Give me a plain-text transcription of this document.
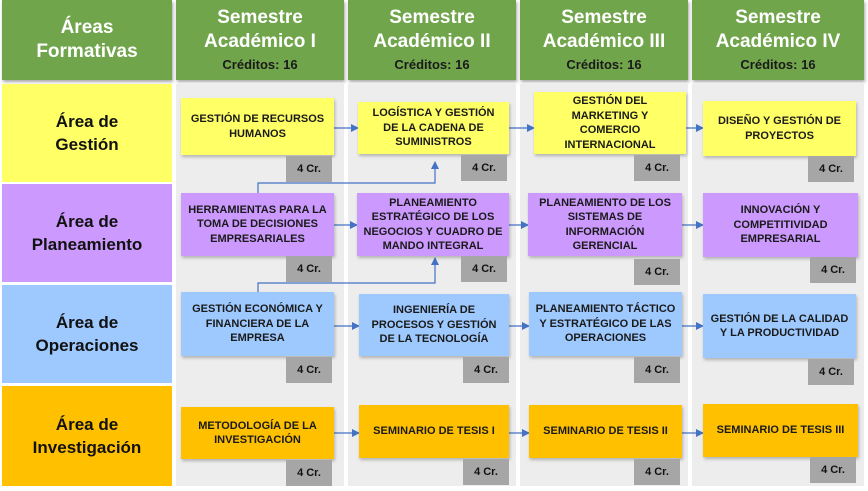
Áreas
Formativas
Semestre
Académico I
Créditos: 16
Semestre
Académico II
Créditos: 16
Semestre
Académico III
Créditos: 16
Semestre
Académico IV
Créditos: 16
Área de
Gestión
Área de
Planeamiento
Área de
Operaciones
Área de
Investigación
GESTIÓN DE RECURSOS HUMANOS
4 Cr.
LOGÍSTICA Y GESTIÓN DE LA CADENA DE SUMINISTROS
4 Cr.
GESTIÓN DEL MARKETING Y COMERCIO INTERNACIONAL
4 Cr.
DISEÑO Y GESTIÓN DE PROYECTOS
4 Cr.
HERRAMIENTAS PARA LA TOMA DE DECISIONES EMPRESARIALES
4 Cr.
PLANEAMIENTO ESTRATÉGICO DE LOS NEGOCIOS Y CUADRO DE MANDO INTEGRAL
4 Cr.
PLANEAMIENTO DE LOS SISTEMAS DE INFORMACIÓN GERENCIAL
4 Cr.
INNOVACIÓN Y COMPETITIVIDAD EMPRESARIAL
4 Cr.
GESTIÓN ECONÓMICA Y FINANCIERA DE LA EMPRESA
4 Cr.
INGENIERÍA DE PROCESOS Y GESTIÓN DE LA TECNOLOGÍA
4 Cr.
PLANEAMIENTO TÁCTICO Y ESTRATÉGICO DE LAS OPERACIONES
4 Cr.
GESTIÓN DE LA CALIDAD Y LA PRODUCTIVIDAD
4 Cr.
METODOLOGÍA DE LA INVESTIGACIÓN
4 Cr.
SEMINARIO DE TESIS I
4 Cr.
SEMINARIO DE TESIS II
4 Cr.
SEMINARIO DE TESIS III
4 Cr.
